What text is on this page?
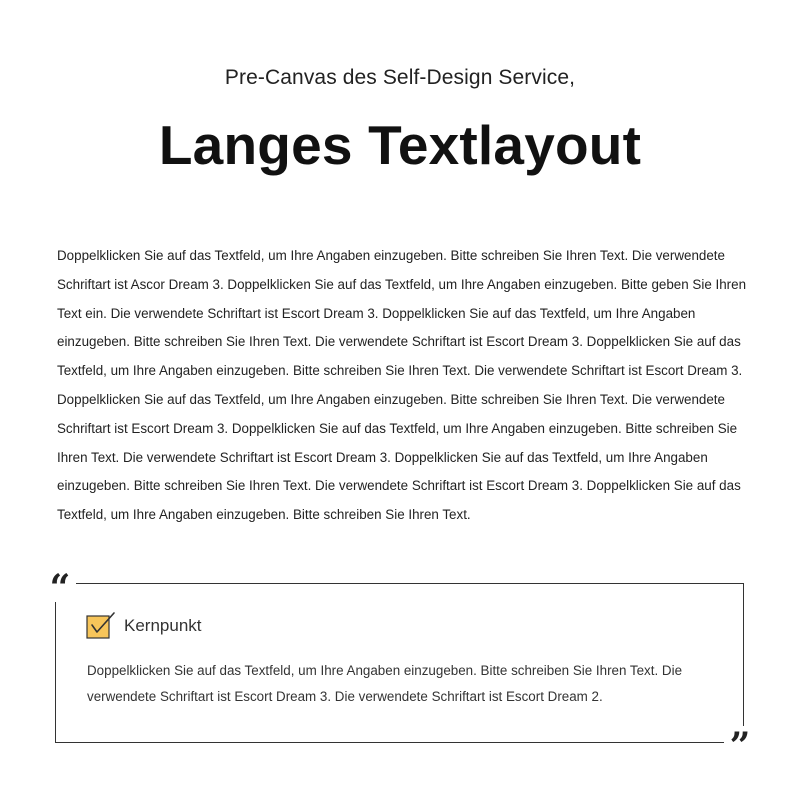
Pre-Canvas des Self-Design Service,
Langes Textlayout

Doppelklicken Sie auf das Textfeld, um Ihre Angaben einzugeben. Bitte schreiben Sie Ihren Text. Die verwendete Schriftart ist Ascor Dream 3. Doppelklicken Sie auf das Textfeld, um Ihre Angaben einzugeben. Bitte geben Sie Ihren Text ein. Die verwendete Schriftart ist Escort Dream 3. Doppelklicken Sie auf das Textfeld, um Ihre Angaben einzugeben. Bitte schreiben Sie Ihren Text. Die verwendete Schriftart ist Escort Dream 3. Doppelklicken Sie auf das Textfeld, um Ihre Angaben einzugeben. Bitte schreiben Sie Ihren Text. Die verwendete Schriftart ist Escort Dream 3. Doppelklicken Sie auf das Textfeld, um Ihre Angaben einzugeben. Bitte schreiben Sie Ihren Text. Die verwendete Schriftart ist Escort Dream 3. Doppelklicken Sie auf das Textfeld, um Ihre Angaben einzugeben. Bitte schreiben Sie Ihren Text. Die verwendete Schriftart ist Escort Dream 3. Doppelklicken Sie auf das Textfeld, um Ihre Angaben einzugeben. Bitte schreiben Sie Ihren Text. Die verwendete Schriftart ist Escort Dream 3. Doppelklicken Sie auf das Textfeld, um Ihre Angaben einzugeben. Bitte schreiben Sie Ihren Text.

“
”
Kernpunkt

Doppelklicken Sie auf das Textfeld, um Ihre Angaben einzugeben. Bitte schreiben Sie Ihren Text. Die verwendete Schriftart ist Escort Dream 3. Die verwendete Schriftart ist Escort Dream 2.
